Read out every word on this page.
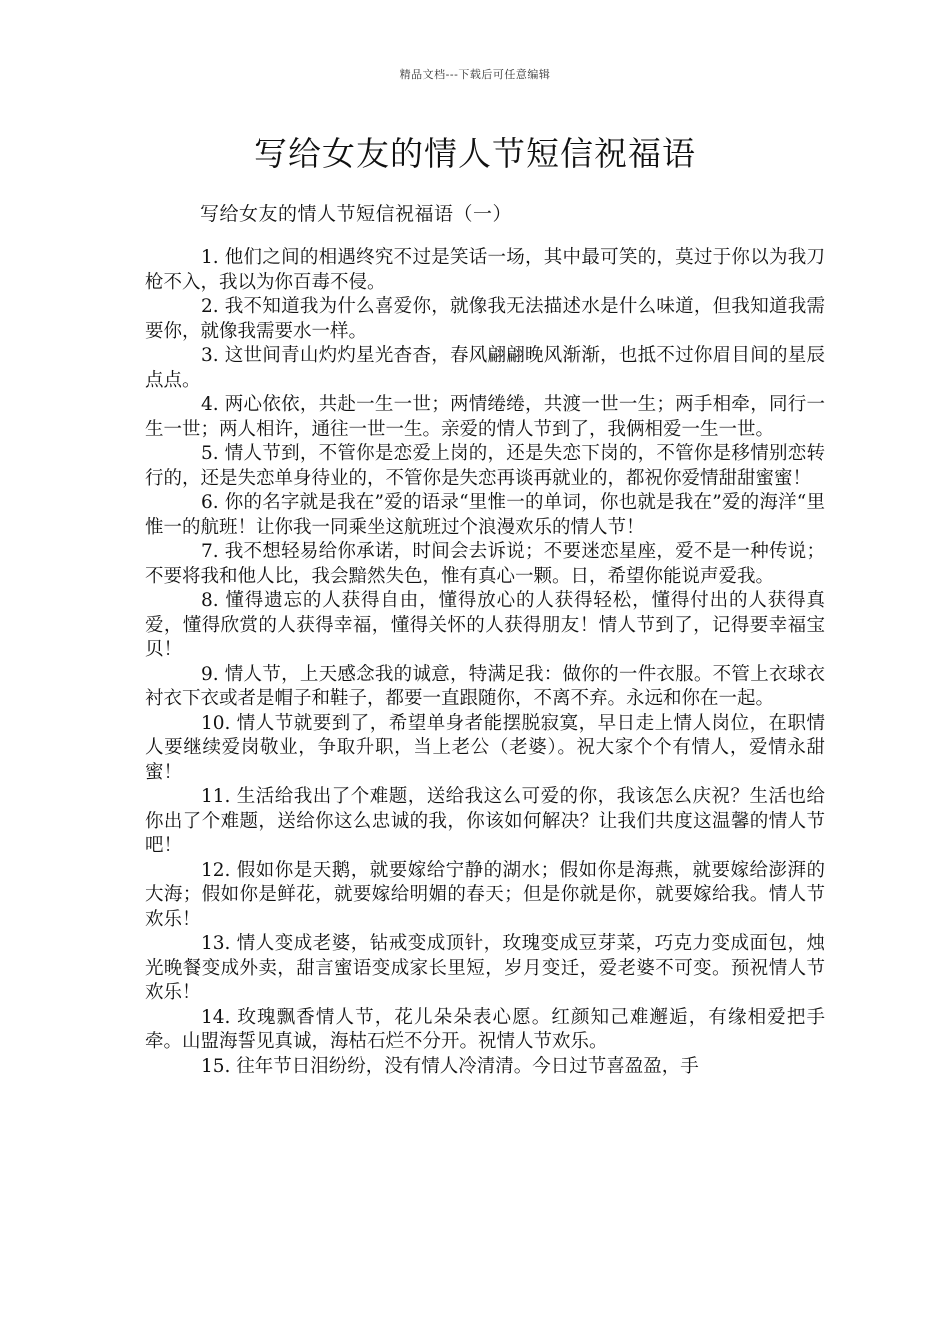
精品文档---下载后可任意编辑
写给女友的情人节短信祝福语
写给女友的情人节短信祝福语（一）

1. 他们之间的相遇终究不过是笑话一场，其中最可笑的，莫过于你以为我刀枪不入，我以为你百毒不侵。

2. 我不知道我为什么喜爱你，就像我无法描述水是什么味道，但我知道我需要你，就像我需要水一样。

3. 这世间青山灼灼星光杳杳，春风翩翩晚风渐渐，也抵不过你眉目间的星辰点点。

4. 两心依依，共赴一生一世；两情绻绻，共渡一世一生；两手相牵，同行一生一世；两人相许，通往一世一生。亲爱的情人节到了，我俩相爱一生一世。

5. 情人节到，不管你是恋爱上岗的，还是失恋下岗的，不管你是移情别恋转行的，还是失恋单身待业的，不管你是失恋再谈再就业的，都祝你爱情甜甜蜜蜜！

6. 你的名字就是我在”爱的语录“里惟一的单词，你也就是我在”爱的海洋“里惟一的航班！让你我一同乘坐这航班过个浪漫欢乐的情人节！

7. 我不想轻易给你承诺，时间会去诉说；不要迷恋星座，爱不是一种传说；不要将我和他人比，我会黯然失色，惟有真心一颗。日，希望你能说声爱我。

8. 懂得遗忘的人获得自由，懂得放心的人获得轻松，懂得付出的人获得真爱，懂得欣赏的人获得幸福，懂得关怀的人获得朋友！情人节到了，记得要幸福宝贝！

9. 情人节，上天感念我的诚意，特满足我：做你的一件衣服。不管上衣球衣衬衣下衣或者是帽子和鞋子，都要一直跟随你，不离不弃。永远和你在一起。

10. 情人节就要到了，希望单身者能摆脱寂寞，早日走上情人岗位，在职情人要继续爱岗敬业，争取升职，当上老公（老婆）。祝大家个个有情人，爱情永甜蜜！

11. 生活给我出了个难题，送给我这么可爱的你，我该怎么庆祝？生活也给你出了个难题，送给你这么忠诚的我，你该如何解决？让我们共度这温馨的情人节吧！

12. 假如你是天鹅，就要嫁给宁静的湖水；假如你是海燕，就要嫁给澎湃的大海；假如你是鲜花，就要嫁给明媚的春天；但是你就是你，就要嫁给我。情人节欢乐！

13. 情人变成老婆，钻戒变成顶针，玫瑰变成豆芽菜，巧克力变成面包，烛光晚餐变成外卖，甜言蜜语变成家长里短，岁月变迁，爱老婆不可变。预祝情人节欢乐！

14. 玫瑰飘香情人节，花儿朵朵表心愿。红颜知己难邂逅，有缘相爱把手牵。山盟海誓见真诚，海枯石烂不分开。祝情人节欢乐。

15. 往年节日泪纷纷，没有情人冷清清。今日过节喜盈盈，手
